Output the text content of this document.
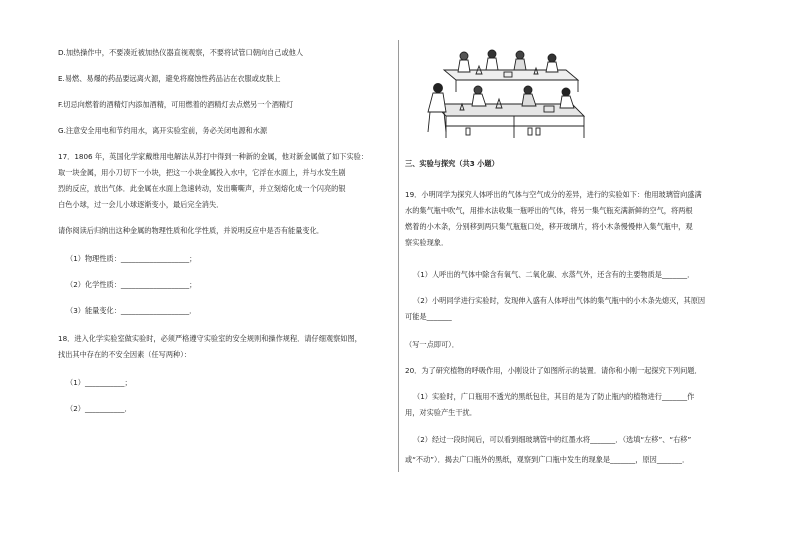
D.加热操作中，不要凑近被加热仪器直视观察，不要将试管口朝向自己或他人
E.易燃、易爆的药品要远离火源，避免将腐蚀性药品沾在衣服或皮肤上
F.切忌向燃着的酒精灯内添加酒精，可用燃着的酒精灯去点燃另一个酒精灯
G.注意安全用电和节约用水，离开实验室前，务必关闭电源和水源
17．1806 年，英国化学家戴维用电解法从苏打中得到一种新的金属，他对新金属做了如下实验：
取一块金属，用小刀切下一小块，把这一小块金属投入水中，它浮在水面上，并与水发生剧
烈的反应，放出气体．此金属在水面上急速转动，发出嘶嘶声，并立刻熔化成一个闪亮的银
白色小球，过一会儿小球逐渐变小，最后完全消失．
请你阅读后归纳出这种金属的物理性质和化学性质，并说明反应中是否有能量变化．
（1）物理性质：___________________；
（2）化学性质：___________________；
（3）能量变化：___________________．
18．进入化学实验室做实验时，必须严格遵守实验室的安全规则和操作规程．请仔细观察如图，
找出其中存在的不安全因素（任写两种）：
（1）___________；
（2）___________．
三、实验与探究（共3 小题）
19．小明同学为探究人体呼出的气体与空气成分的差异，进行的实验如下：他用玻璃管向盛满
水的集气瓶中吹气，用排水法收集一瓶呼出的气体，将另一集气瓶充满新鲜的空气，将两根
燃着的小木条，分别移到两只集气瓶瓶口处，移开玻璃片，将小木条慢慢伸入集气瓶中，观
察实验现象．
（1）人呼出的气体中除含有氧气、二氧化碳、水蒸气外，还含有的主要物质是_______．
（2）小明同学进行实验时，发现伸入盛有人体呼出气体的集气瓶中的小木条先熄灭，其原因
可能是_______
（写一点即可）．
20．为了研究植物的呼吸作用，小刚设计了如图所示的装置．请你和小刚一起探究下列问题．
（1）实验时，广口瓶用不透光的黑纸包住，其目的是为了防止瓶内的植物进行_______作
用，对实验产生干扰．
（2）经过一段时间后，可以看到细玻璃管中的红墨水将_______．（选填“左移”、“右移”
或“不动”）．揭去广口瓶外的黑纸，观察到广口瓶中发生的现象是_______，原因_______．
